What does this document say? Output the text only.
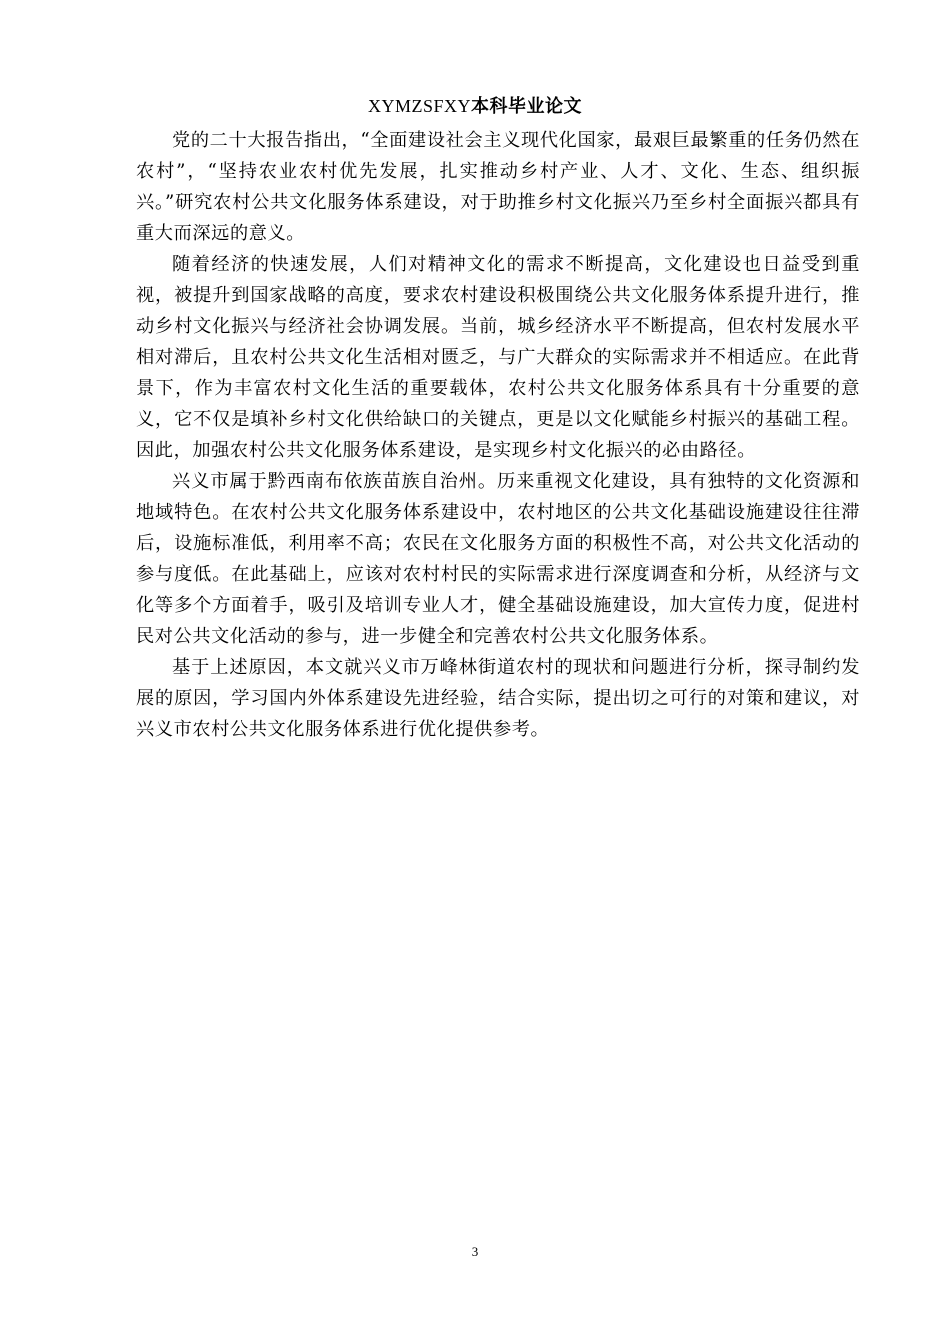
XYMZSFXY本科毕业论文

党的二十大报告指出，“全面建设社会主义现代化国家，最艰巨最繁重的任务仍然在农村”，“坚持农业农村优先发展，扎实推动乡村产业、人才、文化、生态、组织振兴。”研究农村公共文化服务体系建设，对于助推乡村文化振兴乃至乡村全面振兴都具有重大而深远的意义。

随着经济的快速发展，人们对精神文化的需求不断提高，文化建设也日益受到重视，被提升到国家战略的高度，要求农村建设积极围绕公共文化服务体系提升进行，推动乡村文化振兴与经济社会协调发展。当前，城乡经济水平不断提高，但农村发展水平相对滞后，且农村公共文化生活相对匮乏，与广大群众的实际需求并不相适应。在此背景下，作为丰富农村文化生活的重要载体，农村公共文化服务体系具有十分重要的意义，它不仅是填补乡村文化供给缺口的关键点，更是以文化赋能乡村振兴的基础工程。因此，加强农村公共文化服务体系建设，是实现乡村文化振兴的必由路径。

兴义市属于黔西南布依族苗族自治州。历来重视文化建设，具有独特的文化资源和地域特色。在农村公共文化服务体系建设中，农村地区的公共文化基础设施建设往往滞后，设施标准低，利用率不高；农民在文化服务方面的积极性不高，对公共文化活动的参与度低。在此基础上，应该对农村村民的实际需求进行深度调查和分析，从经济与文化等多个方面着手，吸引及培训专业人才，健全基础设施建设，加大宣传力度，促进村民对公共文化活动的参与，进一步健全和完善农村公共文化服务体系。

基于上述原因，本文就兴义市万峰林街道农村的现状和问题进行分析，探寻制约发展的原因，学习国内外体系建设先进经验，结合实际，提出切之可行的对策和建议，对兴义市农村公共文化服务体系进行优化提供参考。

3
